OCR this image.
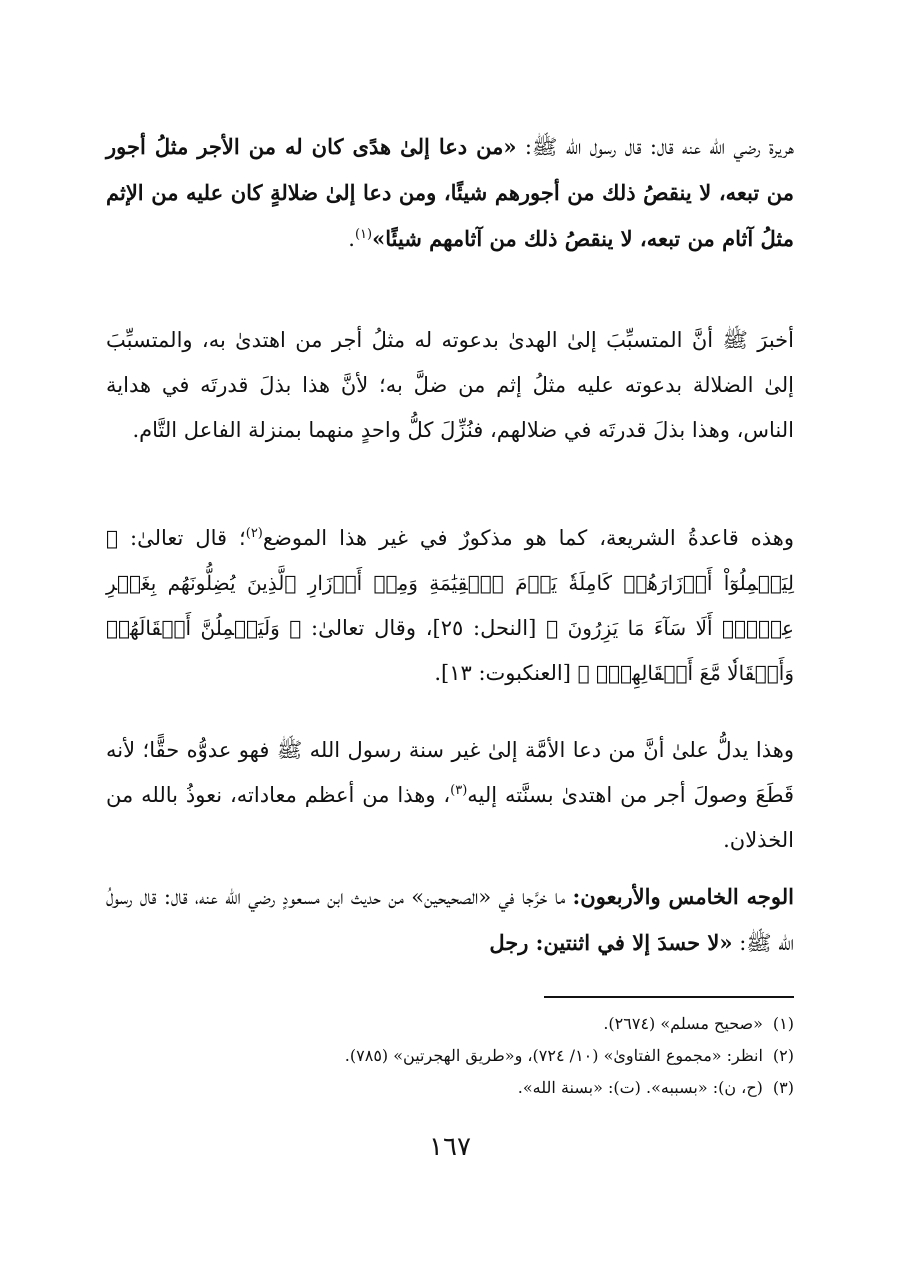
هريرة رضي الله عنه قال: قال رسول الله ﷺ: «من دعا إلىٰ هدًى كان له من الأجر مثلُ أجور من تبعه، لا ينقصُ ذلك من أجورهم شيئًا، ومن دعا إلىٰ ضلالةٍ كان عليه من الإثم مثلُ آثام من تبعه، لا ينقصُ ذلك من آثامهم شيئًا»$^{(١)}$.

أخبرَ ﷺ أنَّ المتسبِّبَ إلىٰ الهدىٰ بدعوته له مثلُ أجر من اهتدىٰ به، والمتسبِّبَ إلىٰ الضلالة بدعوته عليه مثلُ إثم من ضلَّ به؛ لأنَّ هذا بذلَ قدرتَه في هداية الناس، وهذا بذلَ قدرتَه في ضلالهم، فنُزِّلَ كلُّ واحدٍ منهما بمنزلة الفاعل التَّام.

وهذه قاعدةُ الشريعة، كما هو مذكورٌ في غير هذا الموضع$^{(٢)}$؛ قال تعالىٰ: ﴿ لِيَحۡمِلُوٓاْ أَوۡزَارَهُمۡ كَامِلَةٗ يَوۡمَ ٱلۡقِيَٰمَةِ وَمِنۡ أَوۡزَارِ ٱلَّذِينَ يُضِلُّونَهُم بِغَيۡرِ عِلۡمٍۗ أَلَا سَآءَ مَا يَزِرُونَ ﴾ [النحل: ٢٥]، وقال تعالىٰ: ﴿ وَلَيَحۡمِلُنَّ أَثۡقَالَهُمۡ وَأَثۡقَالٗا مَّعَ أَثۡقَالِهِمۡۖ ﴾ [العنكبوت: ١٣].

وهذا يدلُّ علىٰ أنَّ من دعا الأمَّة إلىٰ غير سنة رسول الله ﷺ فهو عدوُّه حقًّا؛ لأنه قَطَعَ وصولَ أجر من اهتدىٰ بسنَّته إليه$^{(٣)}$، وهذا من أعظم معاداته، نعوذُ بالله من الخذلان.

الوجه الخامس والأربعون: ما خرَّجا في «الصحيحين» من حديث ابن مسعودٍ رضي الله عنه، قال: قال رسولُ الله ﷺ: «لا حسدَ إلا في اثنتين: رجل

(١)«صحيح مسلم» (٢٦٧٤).
(٢)انظر: «مجموع الفتاوىٰ» (١٠/ ٧٢٤)، و«طريق الهجرتين» (٧٨٥).
(٣)(ح، ن): «بسببه». (ت): «بسنة الله».
١٦٧
